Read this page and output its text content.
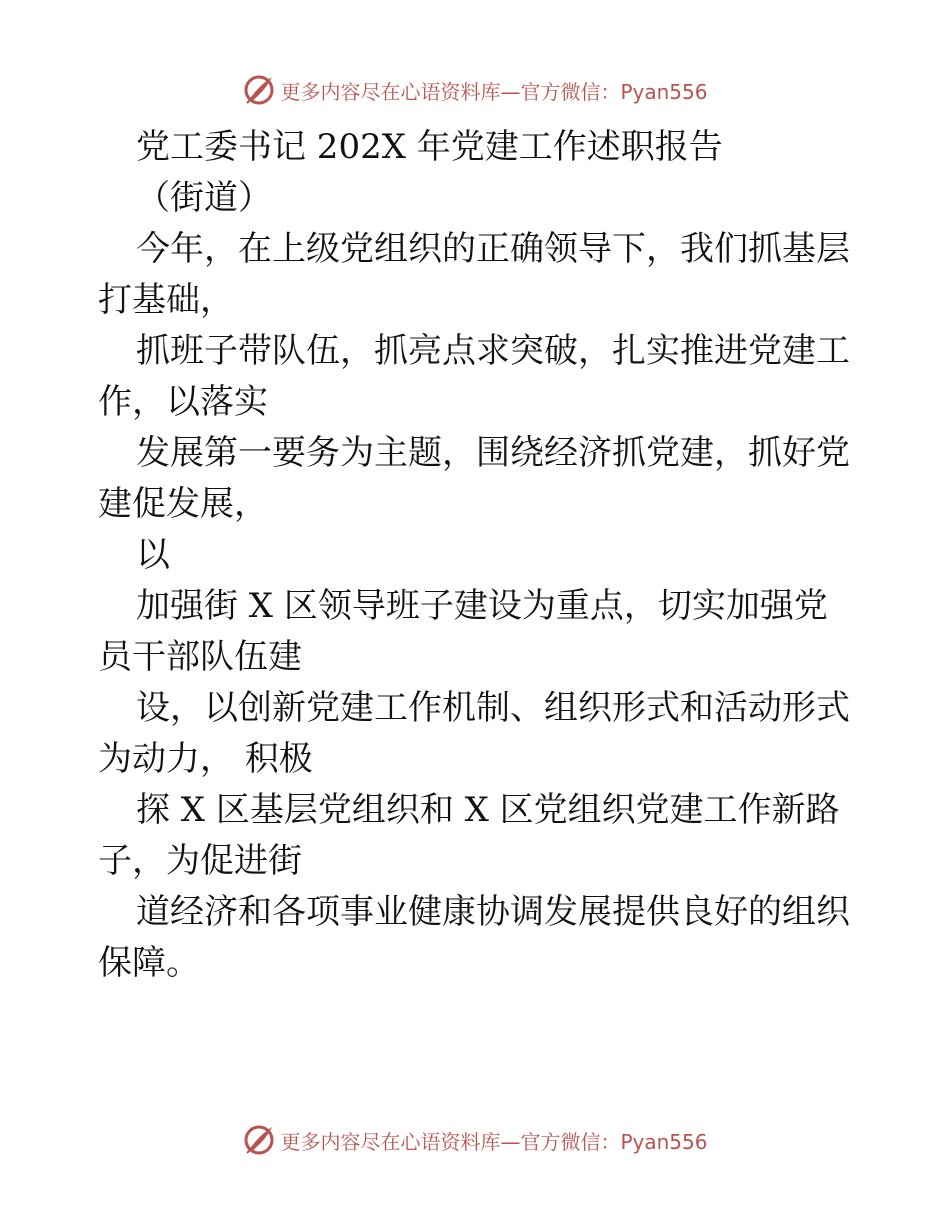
更多内容尽在心语资料库—官方微信：Pyan556
党工委书记 202X 年党建工作述职报告
（街道）
今年，在上级党组织的正确领导下，我们抓基层
打基础，
抓班子带队伍，抓亮点求突破，扎实推进党建工
作，以落实
发展第一要务为主题，围绕经济抓党建，抓好党
建促发展，
以
加强街 X 区领导班子建设为重点，切实加强党
员干部队伍建
设，以创新党建工作机制、组织形式和活动形式
为动力， 积极
探 X 区基层党组织和 X 区党组织党建工作新路
子，为促进街
道经济和各项事业健康协调发展提供良好的组织
保障。
更多内容尽在心语资料库—官方微信：Pyan556
